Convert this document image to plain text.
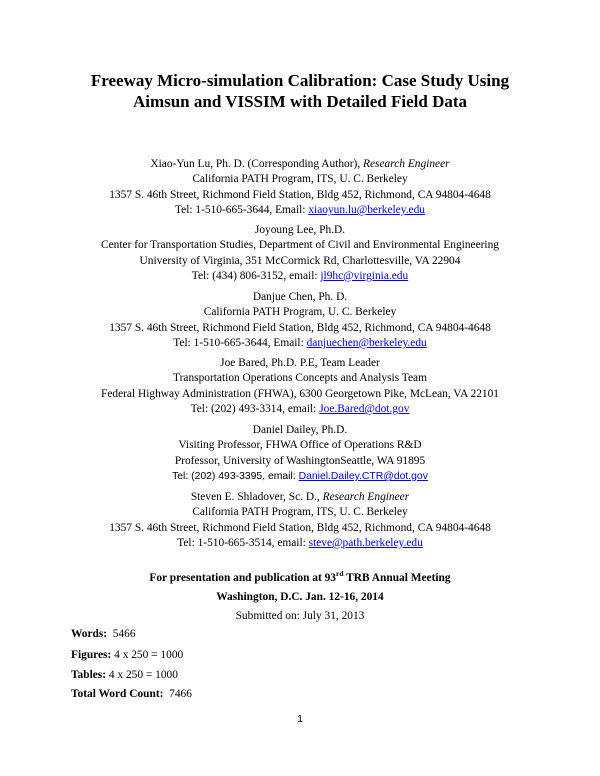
Freeway Micro-simulation Calibration: Case Study Using
Aimsun and VISSIM with Detailed Field Data
Xiao-Yun Lu, Ph. D. (Corresponding Author), Research Engineer
California PATH Program, ITS, U. C. Berkeley
1357 S. 46th Street, Richmond Field Station, Bldg 452, Richmond, CA 94804-4648
Tel: 1-510-665-3644, Email: xiaoyun.lu@berkeley.edu
Joyoung Lee, Ph.D.
Center for Transportation Studies, Department of Civil and Environmental Engineering
University of Virginia, 351 McCormick Rd, Charlottesville, VA 22904
Tel: (434) 806-3152, email: jl9hc@virginia.edu
Danjue Chen, Ph. D.
California PATH Program, U. C. Berkeley
1357 S. 46th Street, Richmond Field Station, Bldg 452, Richmond, CA 94804-4648
Tel: 1-510-665-3644, Email: danjuechen@berkeley.edu
Joe Bared, Ph.D. P.E, Team Leader
Transportation Operations Concepts and Analysis Team
Federal Highway Administration (FHWA), 6300 Georgetown Pike, McLean, VA 22101
Tel: (202) 493-3314, email: Joe.Bared@dot.gov
Daniel Dailey, Ph.D.
Visiting Professor, FHWA Office of Operations R&D
Professor, University of WashingtonSeattle, WA 91895
Tel: (202) 493-3395, email: Daniel.Dailey.CTR@dot.gov
Steven E. Shladover, Sc. D., Research Engineer
California PATH Program, ITS, U. C. Berkeley
1357 S. 46th Street, Richmond Field Station, Bldg 452, Richmond, CA 94804-4648
Tel: 1-510-665-3514, email: steve@path.berkeley.edu
For presentation and publication at 93rd TRB Annual Meeting
Washington, D.C. Jan. 12-16, 2014
Submitted on: July 31, 2013
Words:  5466
Figures: 4 x 250 = 1000
Tables: 4 x 250 = 1000
Total Word Count:  7466
1
